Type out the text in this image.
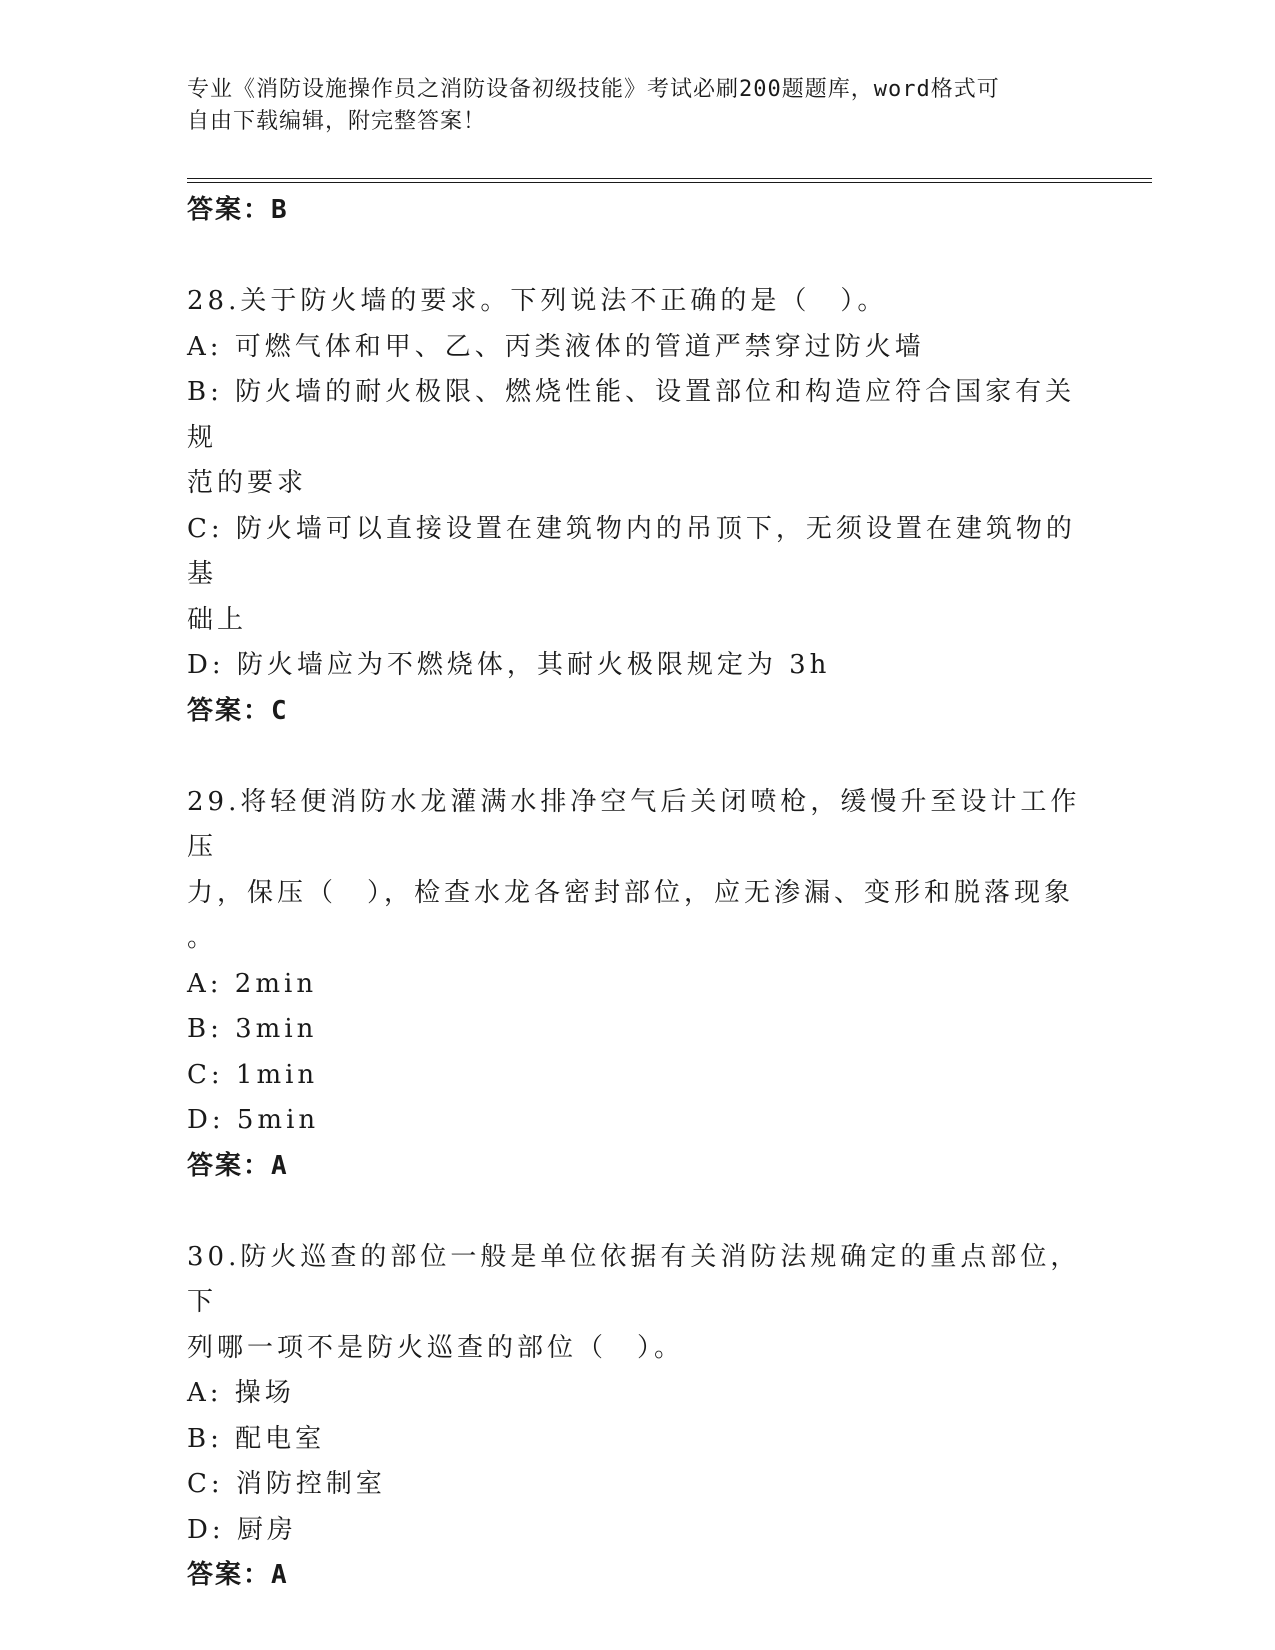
专业《消防设施操作员之消防设备初级技能》考试必刷200题题库，word格式可
自由下载编辑，附完整答案！
答案：B
28.关于防火墙的要求。下列说法不正确的是（　）。
A: 可燃气体和甲、乙、丙类液体的管道严禁穿过防火墙
B: 防火墙的耐火极限、燃烧性能、设置部位和构造应符合国家有关规
范的要求
C: 防火墙可以直接设置在建筑物内的吊顶下，无须设置在建筑物的基
础上
D: 防火墙应为不燃烧体，其耐火极限规定为 3h
答案：C
29.将轻便消防水龙灌满水排净空气后关闭喷枪，缓慢升至设计工作压
力，保压（　），检查水龙各密封部位，应无渗漏、变形和脱落现象
。
A: 2min
B: 3min
C: 1min
D: 5min
答案：A
30.防火巡查的部位一般是单位依据有关消防法规确定的重点部位，下
列哪一项不是防火巡查的部位（　）。
A: 操场
B: 配电室
C: 消防控制室
D: 厨房
答案：A
